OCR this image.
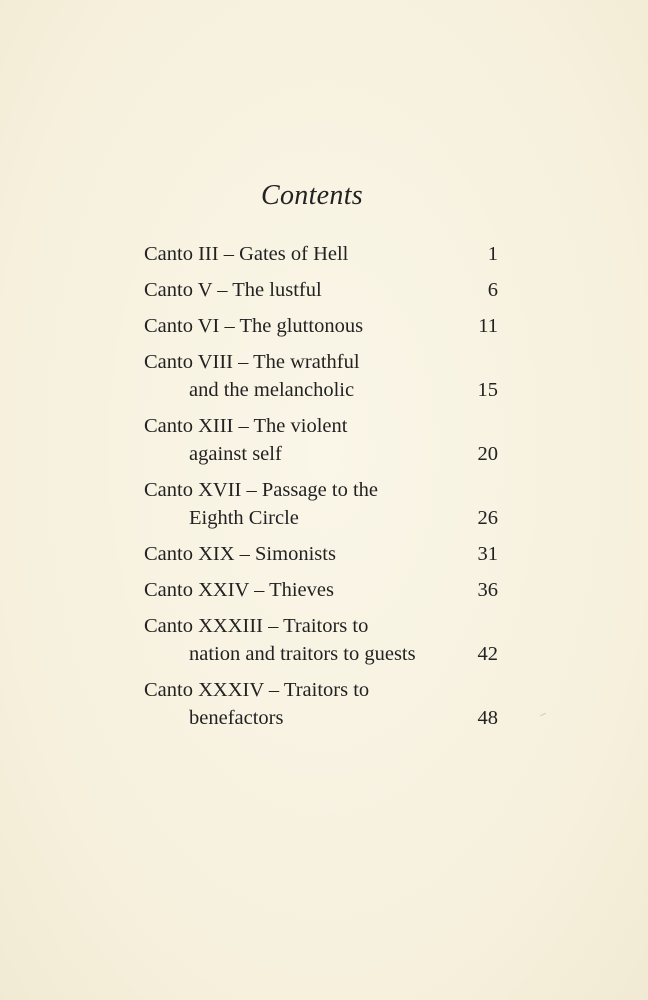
Contents
Canto III – Gates of Hell	1
Canto V – The lustful	6
Canto VI – The gluttonous	11
Canto VIII – The wrathful
and the melancholic	15
Canto XIII – The violent
against self	20
Canto XVII – Passage to the
Eighth Circle	26
Canto XIX – Simonists	31
Canto XXIV – Thieves	36
Canto XXXIII – Traitors to
nation and traitors to guests	42
Canto XXXIV – Traitors to
benefactors	48
